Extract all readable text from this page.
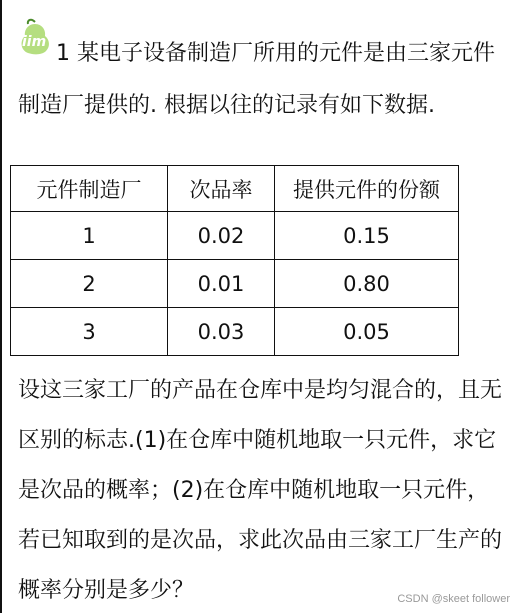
iim 1 某电子设备制造厂所用的元件是由三家元件制造厂提供的. 根据以往的记录有如下数据.

元件制造厂	次品率	提供元件的份额
1	0.02	0.15
2	0.01	0.80
3	0.03	0.05

设这三家工厂的产品在仓库中是均匀混合的，且无区别的标志.(1)在仓库中随机地取一只元件，求它是次品的概率；(2)在仓库中随机地取一只元件，若已知取到的是次品，求此次品由三家工厂生产的概率分别是多少？	CSDN @skeet follower
